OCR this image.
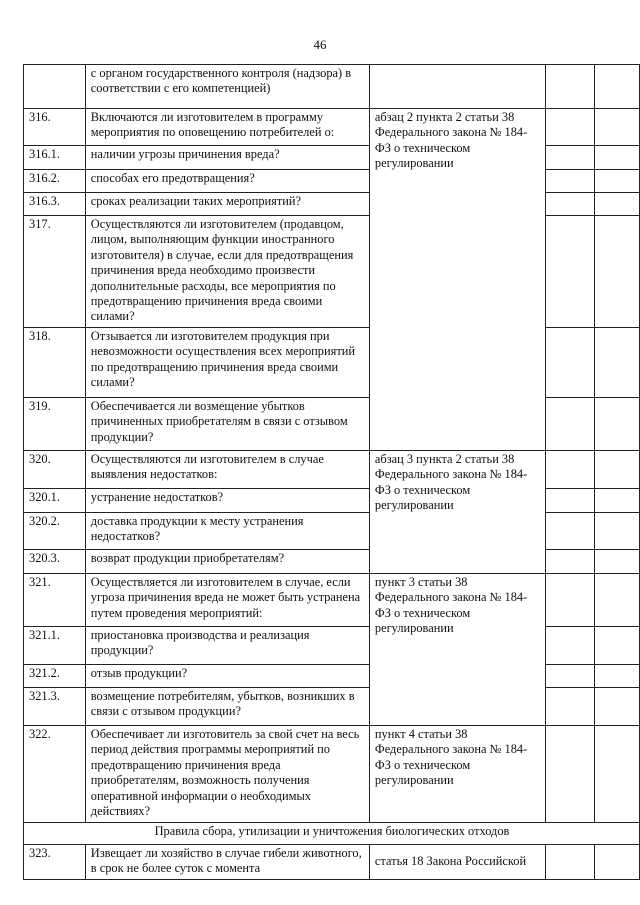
46
	с органом государственного контроля (надзора) в соответствии с его компетенцией)			
316.	Включаются ли изготовителем в программу мероприятия по оповещению потребителей о:	абзац 2 пункта 2 статьи 38 Федерального закона № 184-ФЗ о техническом регулировании		
316.1.	наличии угрозы причинения вреда?			
316.2.	способах его предотвращения?			
316.3.	сроках реализации таких мероприятий?			
317.	Осуществляются ли изготовителем (продавцом, лицом, выполняющим функции иностранного изготовителя) в случае, если для предотвращения причинения вреда необходимо произвести дополнительные расходы, все мероприятия по предотвращению причинения вреда своими силами?			
318.	Отзывается ли изготовителем продукция при невозможности осуществления всех мероприятий по предотвращению причинения вреда своими силами?			
319.	Обеспечивается ли возмещение убытков причиненных приобретателям в связи с отзывом продукции?			
320.	Осуществляются ли изготовителем в случае выявления недостатков:	абзац 3 пункта 2 статьи 38 Федерального закона № 184-ФЗ о техническом регулировании		
320.1.	устранение недостатков?			
320.2.	доставка продукции к месту устранения недостатков?			
320.3.	возврат продукции приобретателям?			
321.	Осуществляется ли изготовителем в случае, если угроза причинения вреда не может быть устранена путем проведения мероприятий:	пункт 3 статьи 38 Федерального закона № 184-ФЗ о техническом регулировании		
321.1.	приостановка производства и реализация продукции?			
321.2.	отзыв продукции?			
321.3.	возмещение потребителям, убытков, возникших в связи с отзывом продукции?			
322.	Обеспечивает ли изготовитель за свой счет на весь период действия программы мероприятий по предотвращению причинения вреда приобретателям, возможность получения оперативной информации о необходимых действиях?	пункт 4 статьи 38 Федерального закона № 184-ФЗ о техническом регулировании		
Правила сбора, утилизации и уничтожения биологических отходов				
323.	Извещает ли хозяйство в случае гибели животного, в срок не более суток с момента	статья 18 Закона Российской		
